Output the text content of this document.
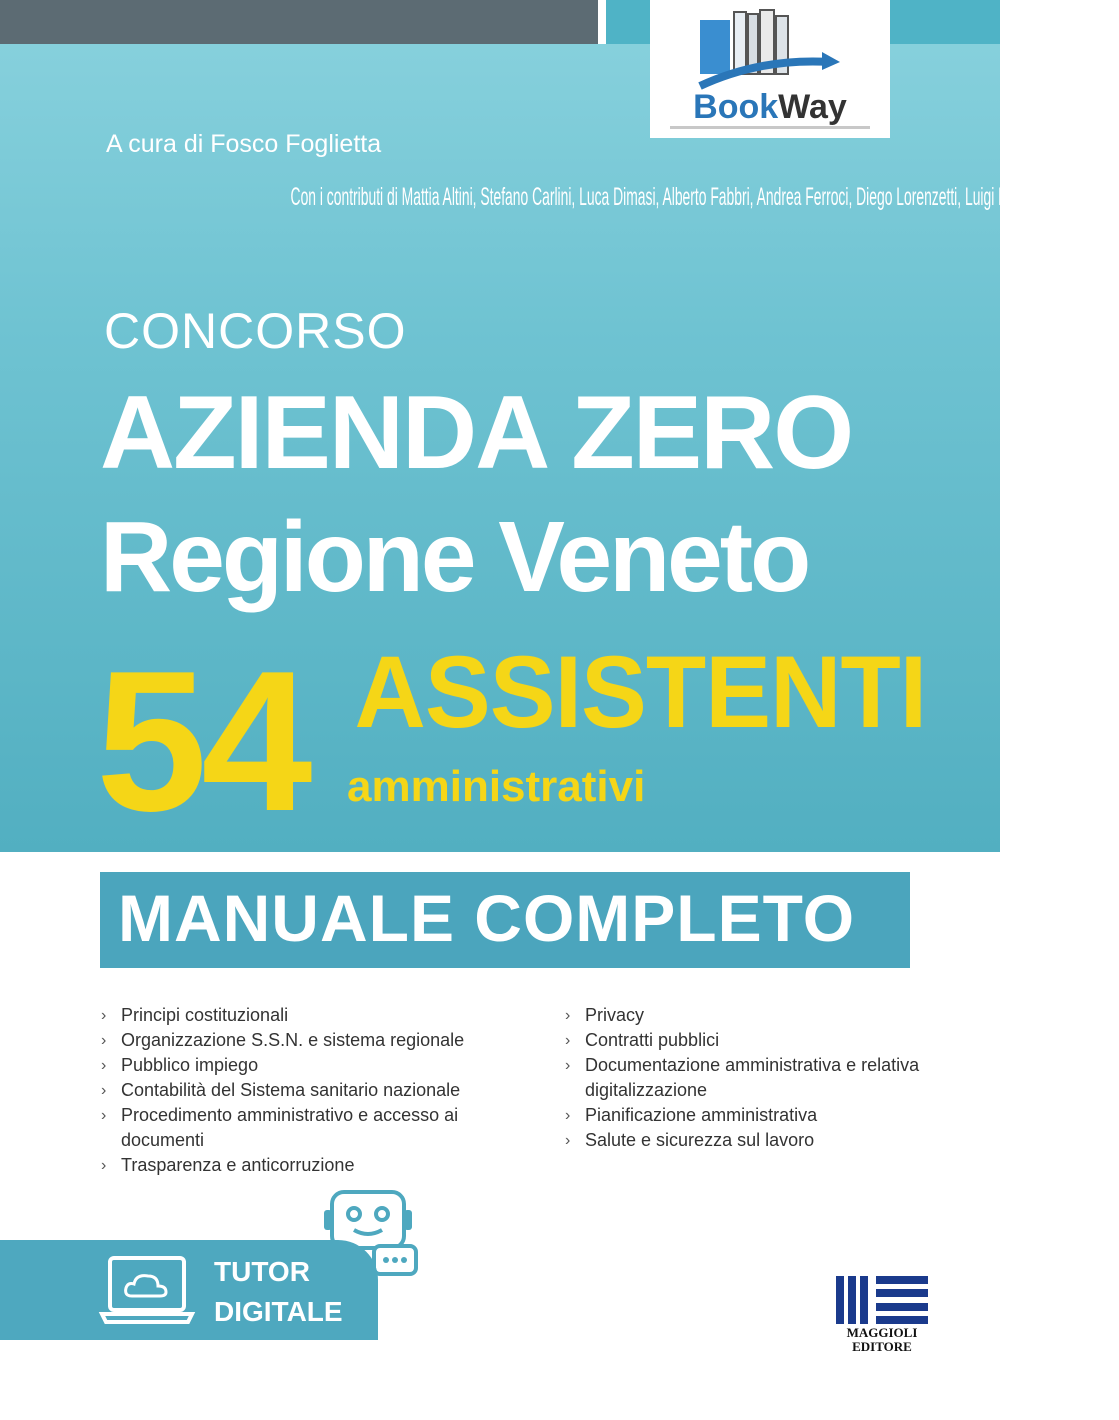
BookWay
A cura di Fosco Foglietta
Con i contributi di Mattia Altini, Stefano Carlini, Luca Dimasi, Alberto Fabbri, Andrea Ferroci, Diego Lorenzetti, Luigi Martelli, Elena Prati
CONCORSO
AZIENDA ZERO
Regione Veneto
54 ASSISTENTI
amministrativi
MANUALE COMPLETO
› Principi costituzionali
› Organizzazione S.S.N. e sistema regionale
› Pubblico impiego
› Contabilità del Sistema sanitario nazionale
› Procedimento amministrativo e accesso ai documenti
› Trasparenza e anticorruzione
› Privacy
› Contratti pubblici
› Documentazione amministrativa e relativa digitalizzazione
› Pianificazione amministrativa
› Salute e sicurezza sul lavoro
TUTOR
DIGITALE
MAGGIOLI
EDITORE
